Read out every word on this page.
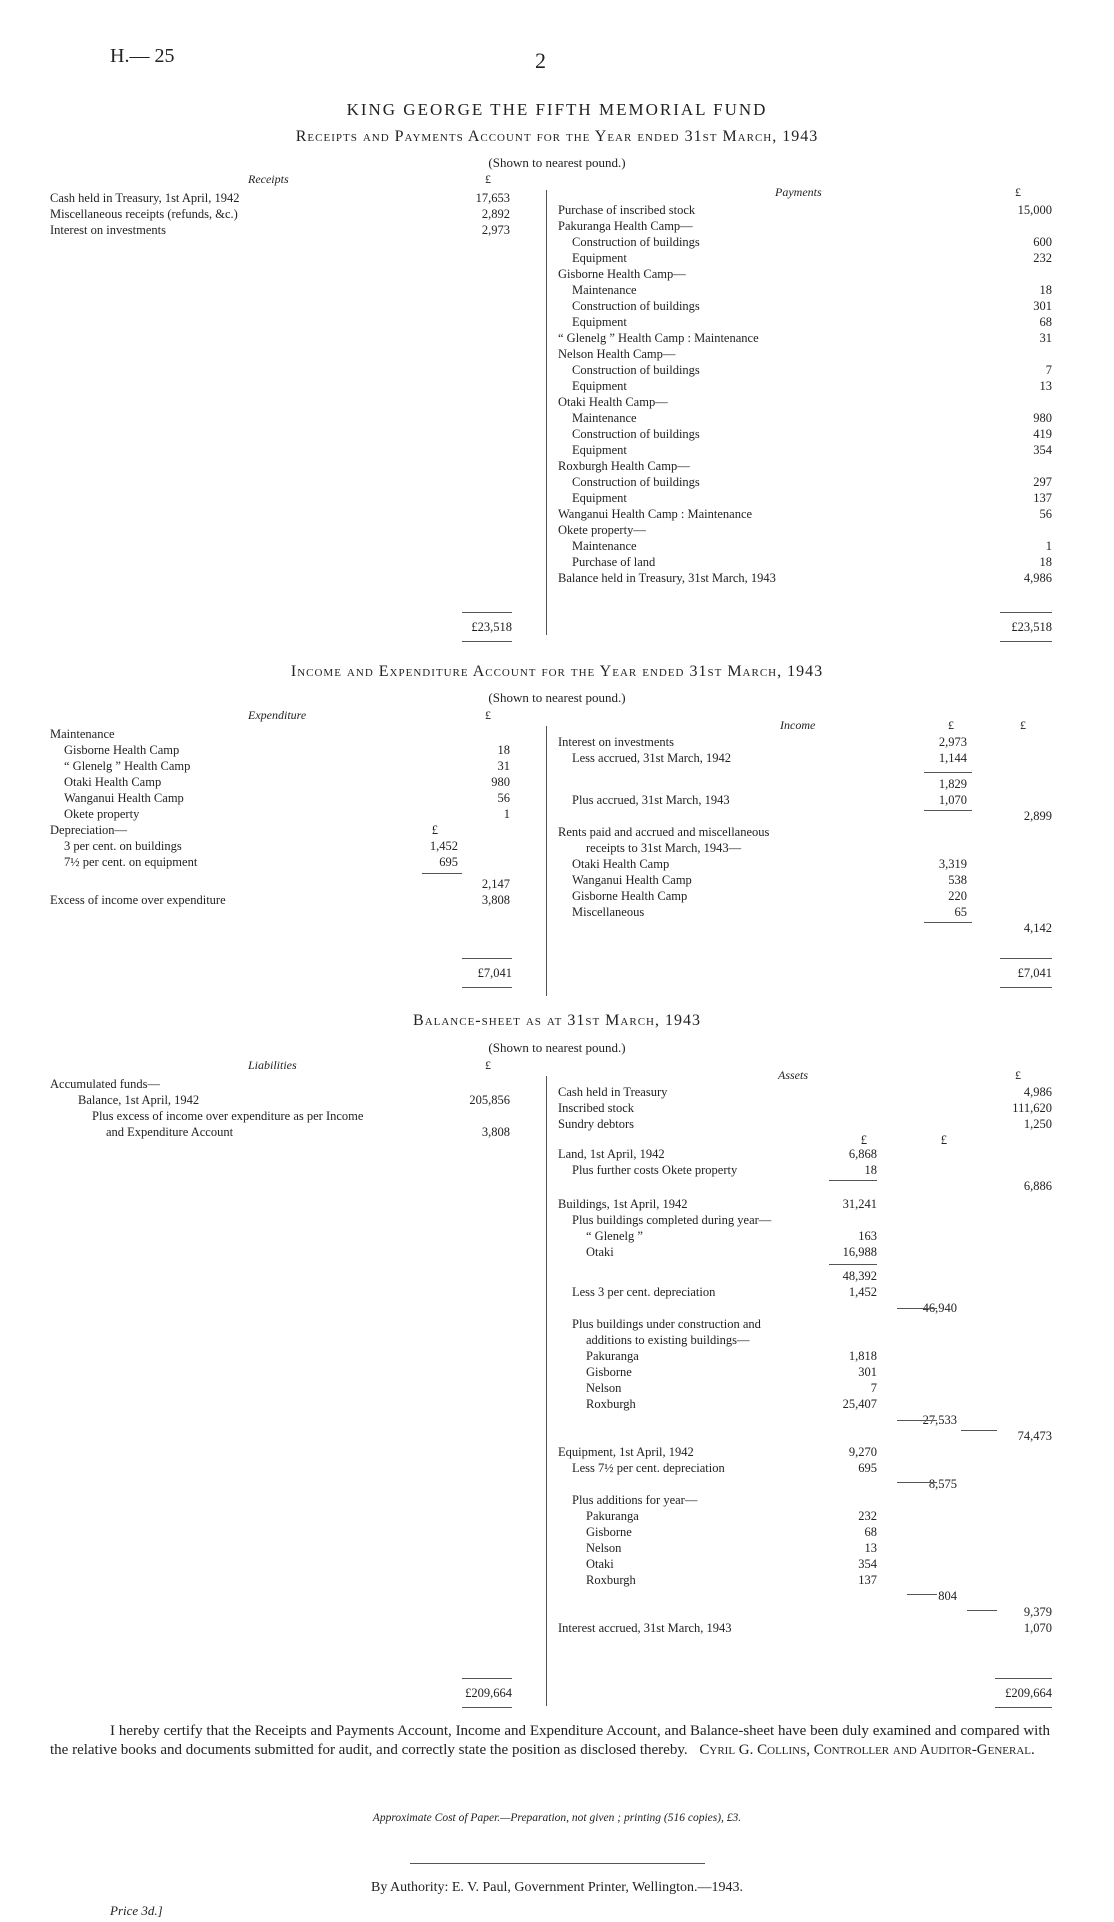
H.— 25	2
KING GEORGE THE FIFTH MEMORIAL FUND
Receipts and Payments Account for the Year ended 31st March, 1943
(Shown to nearest pound.)
Receipts	£
Payments	£
Cash held in Treasury, 1st April, 1942	17,653
Miscellaneous receipts (refunds, &c.)	2,892
Interest on investments	2,973
Purchase of inscribed stock	15,000
Pakuranga Health Camp—
Construction of buildings	600
Equipment	232
Gisborne Health Camp—
Maintenance	18
Construction of buildings	301
Equipment	68
“ Glenelg ” Health Camp : Maintenance	31
Nelson Health Camp—
Construction of buildings	7
Equipment	13
Otaki Health Camp—
Maintenance	980
Construction of buildings	419
Equipment	354
Roxburgh Health Camp—
Construction of buildings	297
Equipment	137
Wanganui Health Camp : Maintenance	56
Okete property—
Maintenance	1
Purchase of land	18
Balance held in Treasury, 31st March, 1943	4,986
£23,518	£23,518
Income and Expenditure Account for the Year ended 31st March, 1943
(Shown to nearest pound.)
Expenditure	£
Income	£	£
Maintenance
Gisborne Health Camp	18
“ Glenelg ” Health Camp	31
Otaki Health Camp	980
Wanganui Health Camp	56
Okete property	1
Depreciation—	£
3 per cent. on buildings	1,452
7½ per cent. on equipment	695
2,147
Excess of income over expenditure	3,808
Interest on investments	2,973
Less accrued, 31st March, 1942	1,144
1,829
Plus accrued, 31st March, 1943	1,070
2,899
Rents paid and accrued and miscellaneous
receipts to 31st March, 1943—
Otaki Health Camp	3,319
Wanganui Health Camp	538
Gisborne Health Camp	220
Miscellaneous	65
4,142
£7,041	£7,041
Balance-sheet as at 31st March, 1943
(Shown to nearest pound.)
Liabilities	£
Assets	£
Accumulated funds—
Balance, 1st April, 1942	205,856
Plus excess of income over expenditure as per Income
and Expenditure Account	3,808
Cash held in Treasury	4,986
Inscribed stock	111,620
Sundry debtors	1,250
£	£
Land, 1st April, 1942	6,868
Plus further costs Okete property	18
6,886
Buildings, 1st April, 1942	31,241
Plus buildings completed during year—
“ Glenelg ”	163
Otaki	16,988
48,392
Less 3 per cent. depreciation	1,452
46,940
Plus buildings under construction and
additions to existing buildings—
Pakuranga	1,818
Gisborne	301
Nelson	7
Roxburgh	25,407
27,533
74,473
Equipment, 1st April, 1942	9,270
Less 7½ per cent. depreciation	695
8,575
Plus additions for year—
Pakuranga	232
Gisborne	68
Nelson	13
Otaki	354
Roxburgh	137
804
9,379
Interest accrued, 31st March, 1943	1,070
£209,664	£209,664
I hereby certify that the Receipts and Payments Account, Income and Expenditure Account, and Balance-sheet have been duly examined and compared with the relative books and documents submitted for audit, and correctly state the position as disclosed thereby. Cyril G. Collins, Controller and Auditor-General.
Approximate Cost of Paper.—Preparation, not given ; printing (516 copies), £3.
By Authority: E. V. Paul, Government Printer, Wellington.—1943.
Price 3d.]
